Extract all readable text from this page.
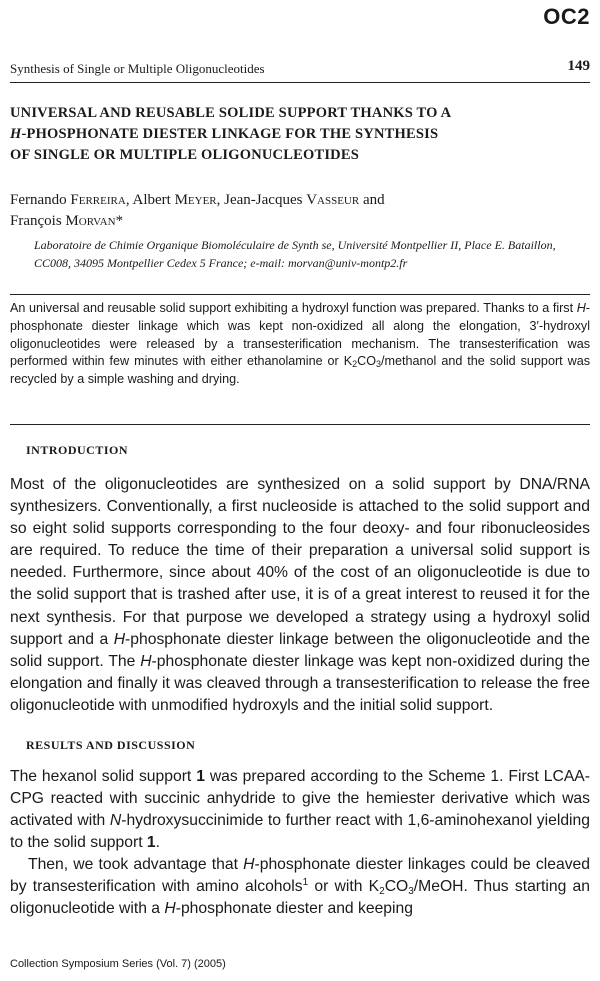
OC2
Synthesis of Single or Multiple Oligonucleotides	149
UNIVERSAL AND REUSABLE SOLIDE SUPPORT THANKS TO A
H-PHOSPHONATE DIESTER LINKAGE FOR THE SYNTHESIS
OF SINGLE OR MULTIPLE OLIGONUCLEOTIDES

Fernando Ferreira, Albert Meyer, Jean-Jacques Vasseur and
François Morvan*

Laboratoire de Chimie Organique Biomoléculaire de Synth se, Université Montpellier II, Place E. Bataillon, CC008, 34095 Montpellier Cedex 5 France; e-mail: morvan@univ-montp2.fr

An universal and reusable solid support exhibiting a hydroxyl function was prepared. Thanks to a first H-phosphonate diester linkage which was kept non-oxidized all along the elongation, 3′-hydroxyl oligonucleotides were released by a transesterification mechanism. The transesterification was performed within few minutes with either ethanolamine or $K_2CO_3$/methanol and the solid support was recycled by a simple washing and drying.

INTRODUCTION

Most of the oligonucleotides are synthesized on a solid support by DNA/RNA synthesizers. Conventionally, a first nucleoside is attached to the solid support and so eight solid supports corresponding to the four deoxy- and four ribonucleosides are required. To reduce the time of their preparation a universal solid support is needed. Furthermore, since about 40% of the cost of an oligonucleotide is due to the solid support that is trashed after use, it is of a great interest to reused it for the next synthesis. For that purpose we developed a strategy using a hydroxyl solid support and a H-phosphonate diester linkage between the oligonucleotide and the solid support. The H-phosphonate diester linkage was kept non-oxidized during the elongation and finally it was cleaved through a transesterification to release the free oligonucleotide with unmodified hydroxyls and the initial solid support.

RESULTS AND DISCUSSION

The hexanol solid support 1 was prepared according to the Scheme 1. First LCAA-CPG reacted with succinic anhydride to give the hemiester derivative which was activated with N-hydroxysuccinimide to further react with 1,6-aminohexanol yielding to the solid support 1.

Then, we took advantage that H-phosphonate diester linkages could be cleaved by transesterification with amino alcohols$^1$ or with $K_2CO_3$/MeOH. Thus starting an oligonucleotide with a H-phosphonate diester and keeping

Collection Symposium Series (Vol. 7) (2005)
